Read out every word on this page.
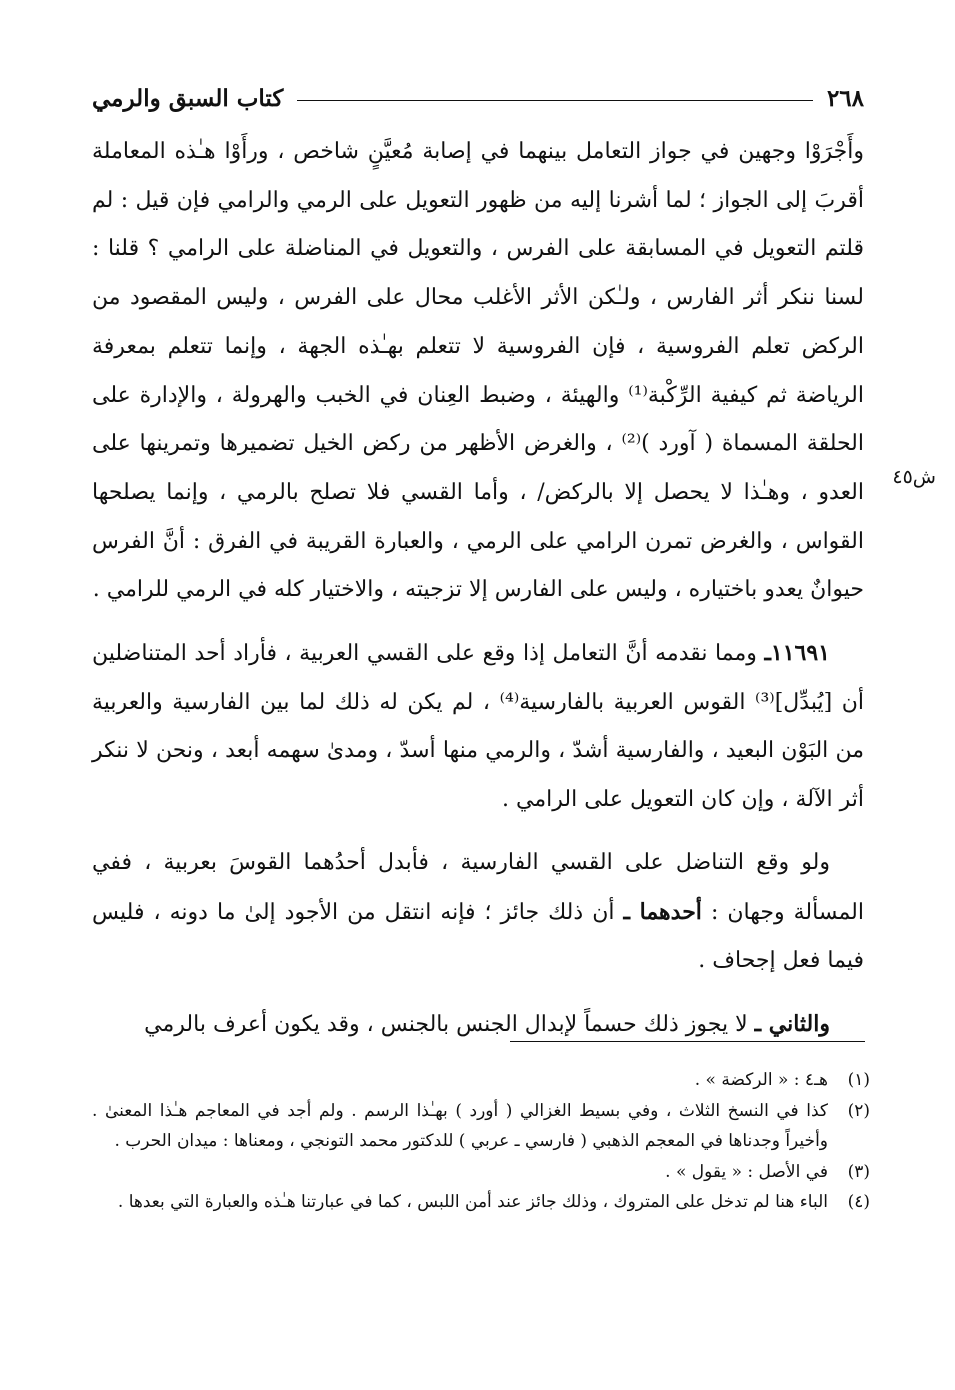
٢٦٨
كتاب السبق والرمي
ش٤٥

وأَجْرَوْا وجهين في جواز التعامل بينهما في إصابة مُعيَّنٍ شاخص ، ورأَوْا هـٰذه المعاملة أقربَ إلى الجواز ؛ لما أشرنا إليه من ظهور التعويل على الرمي والرامي فإن قيل : لم قلتم التعويل في المسابقة على الفرس ، والتعويل في المناضلة على الرامي ؟ قلنا : لسنا ننكر أثر الفارس ، ولـٰكن الأثر الأغلب محال على الفرس ، وليس المقصود من الركض تعلم الفروسية ، فإن الفروسية لا تتعلم بهـٰذه الجهة ، وإنما تتعلم بمعرفة الرياضة ثم كيفية الرِّكْبة⁽¹⁾ والهيئة ، وضبط العِنان في الخبب والهرولة ، والإدارة على الحلقة المسماة ( آورد )⁽²⁾ ، والغرض الأظهر من ركض الخيل تضميرها وتمرينها على العدو ، وهـٰذا لا يحصل إلا بالركض/ ، وأما القسي فلا تصلح بالرمي ، وإنما يصلحها القواس ، والغرض تمرن الرامي على الرمي ، والعبارة القريبة في الفرق : أنَّ الفرس حيوانٌ يعدو باختياره ، وليس على الفارس إلا تزجيته ، والاختيار كله في الرمي للرامي .

١١٦٩١ـ ومما نقدمه أنَّ التعامل إذا وقع على القسي العربية ، فأراد أحد المتناضلين أن [يُبدِّل]⁽³⁾ القوس العربية بالفارسية⁽⁴⁾ ، لم يكن له ذلك لما بين الفارسية والعربية من البَوْن البعيد ، والفارسية أشدّ ، والرمي منها أسدّ ، ومدىٰ سهمه أبعد ، ونحن لا ننكر أثر الآلة ، وإن كان التعويل على الرامي .

ولو وقع التناضل على القسي الفارسية ، فأبدل أحدُهما القوسَ بعربية ، ففي المسألة وجهان : أحدهما ـ أن ذلك جائز ؛ فإنه انتقل من الأجود إلىٰ ما دونه ، فليس فيما فعل إجحاف .

والثاني ـ لا يجوز ذلك حسماً لإبدال الجنس بالجنس ، وقد يكون أعرف بالرمي

(١)
هـ٤ : « الركضة » .
(٢)
كذا في النسخ الثلاث ، وفي بسيط الغزالي ( أورد ) بهـٰذا الرسم . ولم أجد في المعاجم هـٰذا المعنىٰ . وأخيراً وجدناها في المعجم الذهبي ( فارسي ـ عربي ) للدكتور محمد التونجي ، ومعناها : ميدان الحرب .
(٣)
في الأصل : « يقول » .
(٤)
الباء هنا لم تدخل على المتروك ، وذلك جائز عند أمن اللبس ، كما في عبارتنا هـٰذه والعبارة التي بعدها .
